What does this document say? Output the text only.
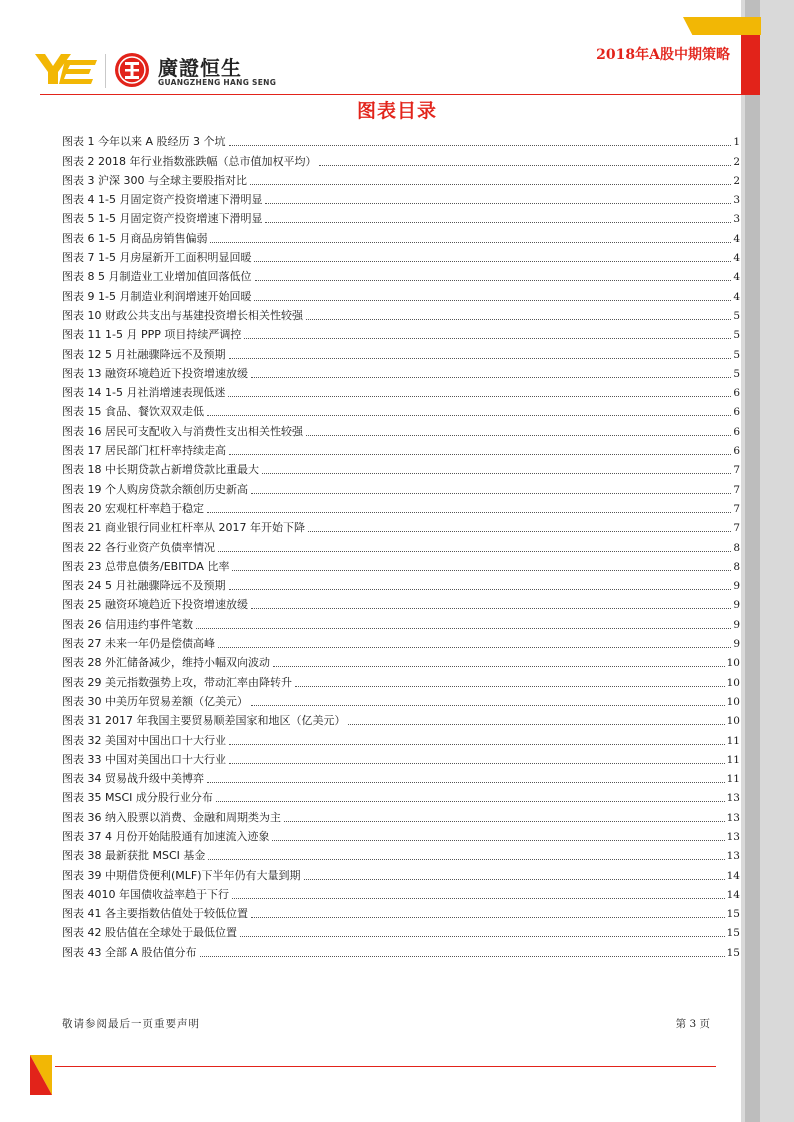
2018年A股中期策略
廣證恒生
GUANGZHENG HANG SENG
图表目录
图表 1 今年以来 A 股经历 3 个坑	1
图表 2 2018 年行业指数涨跌幅（总市值加权平均）	2
图表 3 沪深 300 与全球主要股指对比	2
图表 4 1-5 月固定资产投资增速下滑明显	3
图表 5 1-5 月固定资产投资增速下滑明显	3
图表 6 1-5 月商品房销售偏弱	4
图表 7 1-5 月房屋新开工面积明显回暖	4
图表 8 5 月制造业工业增加值回落低位	4
图表 9 1-5 月制造业利润增速开始回暖	4
图表 10 财政公共支出与基建投资增长相关性较强	5
图表 11 1-5 月 PPP 项目持续严调控	5
图表 12 5 月社融骤降远不及预期	5
图表 13 融资环境趋近下投资增速放缓	5
图表 14 1-5 月社消增速表现低迷	6
图表 15 食品、餐饮双双走低	6
图表 16 居民可支配收入与消费性支出相关性较强	6
图表 17 居民部门杠杆率持续走高	6
图表 18 中长期贷款占新增贷款比重最大	7
图表 19 个人购房贷款余额创历史新高	7
图表 20 宏观杠杆率趋于稳定	7
图表 21 商业银行同业杠杆率从 2017 年开始下降	7
图表 22 各行业资产负债率情况	8
图表 23 总带息债务/EBITDA 比率	8
图表 24 5 月社融骤降远不及预期	9
图表 25 融资环境趋近下投资增速放缓	9
图表 26 信用违约事件笔数	9
图表 27 未来一年仍是偿债高峰	9
图表 28 外汇储备减少，维持小幅双向波动	10
图表 29 美元指数强势上攻，带动汇率由降转升	10
图表 30 中美历年贸易差额（亿美元）	10
图表 31 2017 年我国主要贸易顺差国家和地区（亿美元）	10
图表 32 美国对中国出口十大行业	11
图表 33 中国对美国出口十大行业	11
图表 34 贸易战升级中美博弈	11
图表 35 MSCI 成分股行业分布	13
图表 36 纳入股票以消费、金融和周期类为主	13
图表 37 4 月份开始陆股通有加速流入迹象	13
图表 38 最新获批 MSCI 基金	13
图表 39 中期借贷便利(MLF)下半年仍有大量到期	14
图表 4010 年国债收益率趋于下行	14
图表 41 各主要指数估值处于较低位置	15
图表 42 股估值在全球处于最低位置	15
图表 43 全部 A 股估值分布	15
敬请参阅最后一页重要声明	第 3 页
